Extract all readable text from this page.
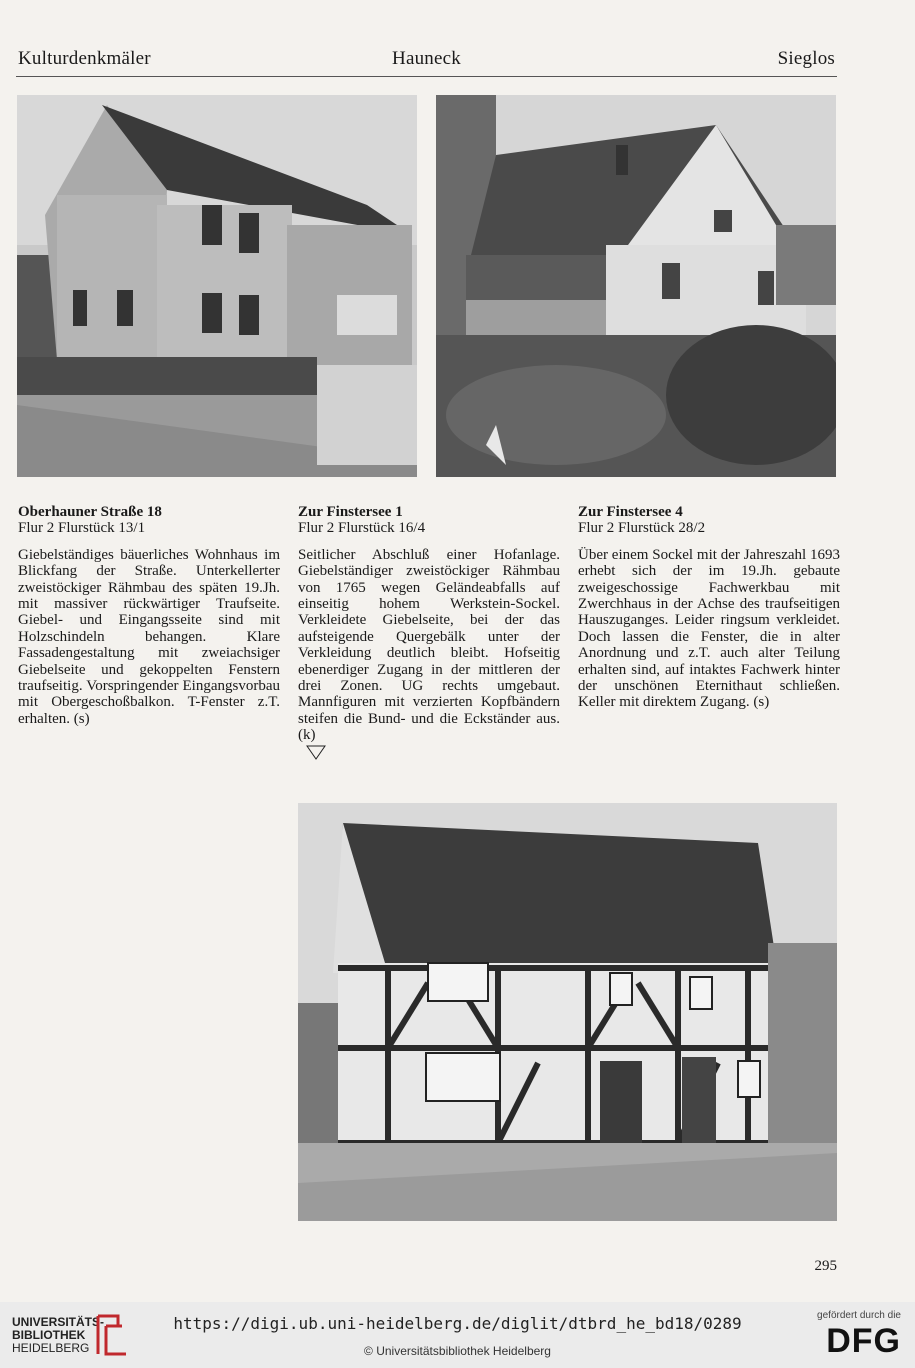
Kulturdenkmäler	Hauneck	Sieglos
Oberhauner Straße 18
Flur 2 Flurstück 13/1
Giebelständiges bäuerliches Wohnhaus im Blickfang der Straße. Unterkellerter zweistöckiger Rähmbau des späten 19.Jh. mit massiver rückwärtiger Traufseite. Giebel- und Eingangsseite sind mit Holzschindeln behangen. Klare Fassadengestaltung mit zweiachsiger Giebelseite und gekoppelten Fenstern traufseitig. Vorspringender Eingangsvorbau mit Obergeschoßbalkon. T-Fenster z.T. erhalten. (s)
Zur Finstersee 1
Flur 2 Flurstück 16/4
Seitlicher Abschluß einer Hofanlage. Giebelständiger zweistöckiger Rähmbau von 1765 wegen Geländeabfalls auf einseitig hohem Werkstein-Sockel. Verkleidete Giebelseite, bei der das aufsteigende Quergebälk unter der Verkleidung deutlich bleibt. Hofseitig ebenerdiger Zugang in der mittleren der drei Zonen. UG rechts umgebaut. Mannfiguren mit verzierten Kopfbändern steifen die Bund- und die Eckständer aus. (k)
Zur Finstersee 4
Flur 2 Flurstück 28/2
Über einem Sockel mit der Jahreszahl 1693 erhebt sich der im 19.Jh. gebaute zweigeschossige Fachwerkbau mit Zwerchhaus in der Achse des traufseitigen Hauszuganges. Leider ringsum verkleidet. Doch lassen die Fenster, die in alter Anordnung und z.T. auch alter Teilung erhalten sind, auf intaktes Fachwerk hinter der unschönen Eternithaut schließen. Keller mit direktem Zugang. (s)
295
UNIVERSITÄTS-
BIBLIOTHEK
HEIDELBERG
https://digi.ub.uni-heidelberg.de/diglit/dtbrd_he_bd18/0289
© Universitätsbibliothek Heidelberg
gefördert durch die
DFG
